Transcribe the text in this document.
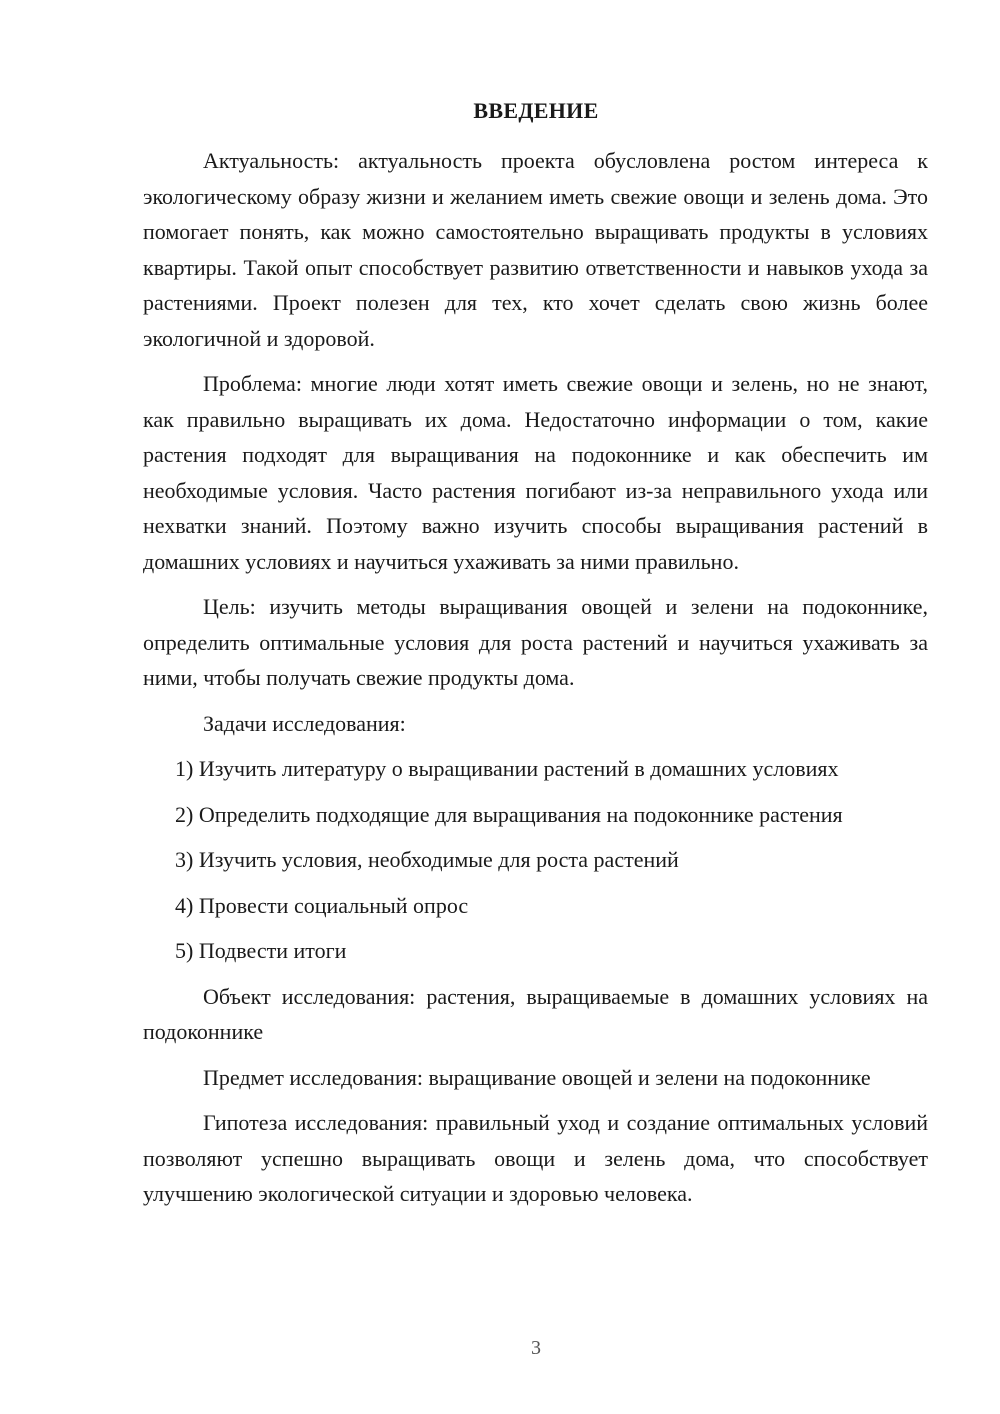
ВВЕДЕНИЕ

Актуальность: актуальность проекта обусловлена ростом интереса к экологическому образу жизни и желанием иметь свежие овощи и зелень дома. Это помогает понять, как можно самостоятельно выращивать продукты в условиях квартиры. Такой опыт способствует развитию ответственности и навыков ухода за растениями. Проект полезен для тех, кто хочет сделать свою жизнь более экологичной и здоровой.

Проблема: многие люди хотят иметь свежие овощи и зелень, но не знают, как правильно выращивать их дома. Недостаточно информации о том, какие растения подходят для выращивания на подоконнике и как обеспечить им необходимые условия. Часто растения погибают из-за неправильного ухода или нехватки знаний. Поэтому важно изучить способы выращивания растений в домашних условиях и научиться ухаживать за ними правильно.

Цель: изучить методы выращивания овощей и зелени на подоконнике, определить оптимальные условия для роста растений и научиться ухаживать за ними, чтобы получать свежие продукты дома.

Задачи исследования:

1) Изучить литературу о выращивании растений в домашних условиях

2) Определить подходящие для выращивания на подоконнике растения

3) Изучить условия, необходимые для роста растений

4) Провести социальный опрос

5) Подвести итоги

Объект исследования: растения, выращиваемые в домашних условиях на подоконнике

Предмет исследования: выращивание овощей и зелени на подоконнике

Гипотеза исследования: правильный уход и создание оптимальных условий позволяют успешно выращивать овощи и зелень дома, что способствует улучшению экологической ситуации и здоровью человека.

3
